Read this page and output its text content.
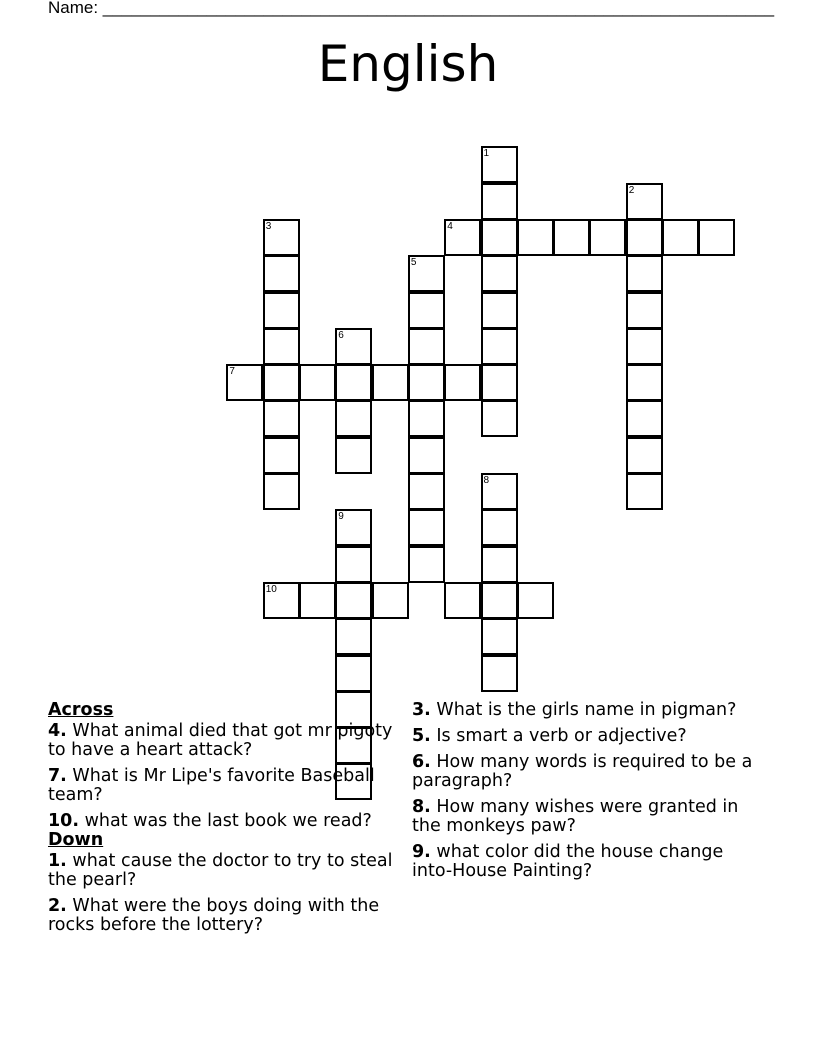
Name: _______________________________________________________________________
English
1
2
3	4
5
6
7
8
9
10
Across
4. What animal died that got mr pigoty to have a heart attack?
7. What is Mr Lipe's favorite Baseball team?
10. what was the last book we read?
Down
1. what cause the doctor to try to steal the pearl?
2. What were the boys doing with the rocks before the lottery?
3. What is the girls name in pigman?
5. Is smart a verb or adjective?
6. How many words is required to be a paragraph?
8. How many wishes were granted in the monkeys paw?
9. what color did the house change into-House Painting?
